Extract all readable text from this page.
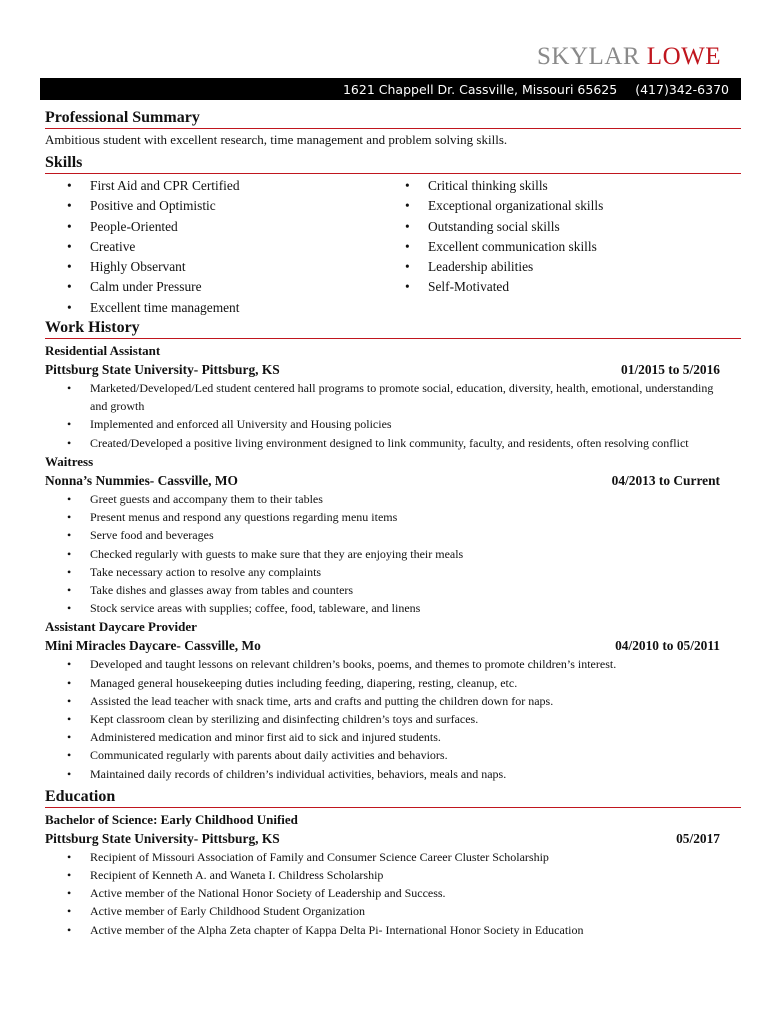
SKYLAR LOWE
1621 Chappell Dr. Cassville, Missouri 65625 (417)342-6370
Professional Summary
Ambitious student with excellent research, time management and problem solving skills.
Skills
• First Aid and CPR Certified
• Positive and Optimistic
• People-Oriented
• Creative
• Highly Observant
• Calm under Pressure
• Excellent time management
• Critical thinking skills
• Exceptional organizational skills
• Outstanding social skills
• Excellent communication skills
• Leadership abilities
• Self-Motivated
Work History
Residential Assistant
Pittsburg State University- Pittsburg, KS	01/2015 to 5/2016
• Marketed/Developed/Led student centered hall programs to promote social, education, diversity, health, emotional, understanding and growth
• Implemented and enforced all University and Housing policies
• Created/Developed a positive living environment designed to link community, faculty, and residents, often resolving conflict
Waitress
Nonna’s Nummies- Cassville, MO	04/2013 to Current
• Greet guests and accompany them to their tables
• Present menus and respond any questions regarding menu items
• Serve food and beverages
• Checked regularly with guests to make sure that they are enjoying their meals
• Take necessary action to resolve any complaints
• Take dishes and glasses away from tables and counters
• Stock service areas with supplies; coffee, food, tableware, and linens
Assistant Daycare Provider
Mini Miracles Daycare- Cassville, Mo	04/2010 to 05/2011
• Developed and taught lessons on relevant children’s books, poems, and themes to promote children’s interest.
• Managed general housekeeping duties including feeding, diapering, resting, cleanup, etc.
• Assisted the lead teacher with snack time, arts and crafts and putting the children down for naps.
• Kept classroom clean by sterilizing and disinfecting children’s toys and surfaces.
• Administered medication and minor first aid to sick and injured students.
• Communicated regularly with parents about daily activities and behaviors.
• Maintained daily records of children’s individual activities, behaviors, meals and naps.
Education
Bachelor of Science: Early Childhood Unified
Pittsburg State University- Pittsburg, KS	05/2017
• Recipient of Missouri Association of Family and Consumer Science Career Cluster Scholarship
• Recipient of Kenneth A. and Waneta I. Childress Scholarship
• Active member of the National Honor Society of Leadership and Success.
• Active member of Early Childhood Student Organization
• Active member of the Alpha Zeta chapter of Kappa Delta Pi- International Honor Society in Education
